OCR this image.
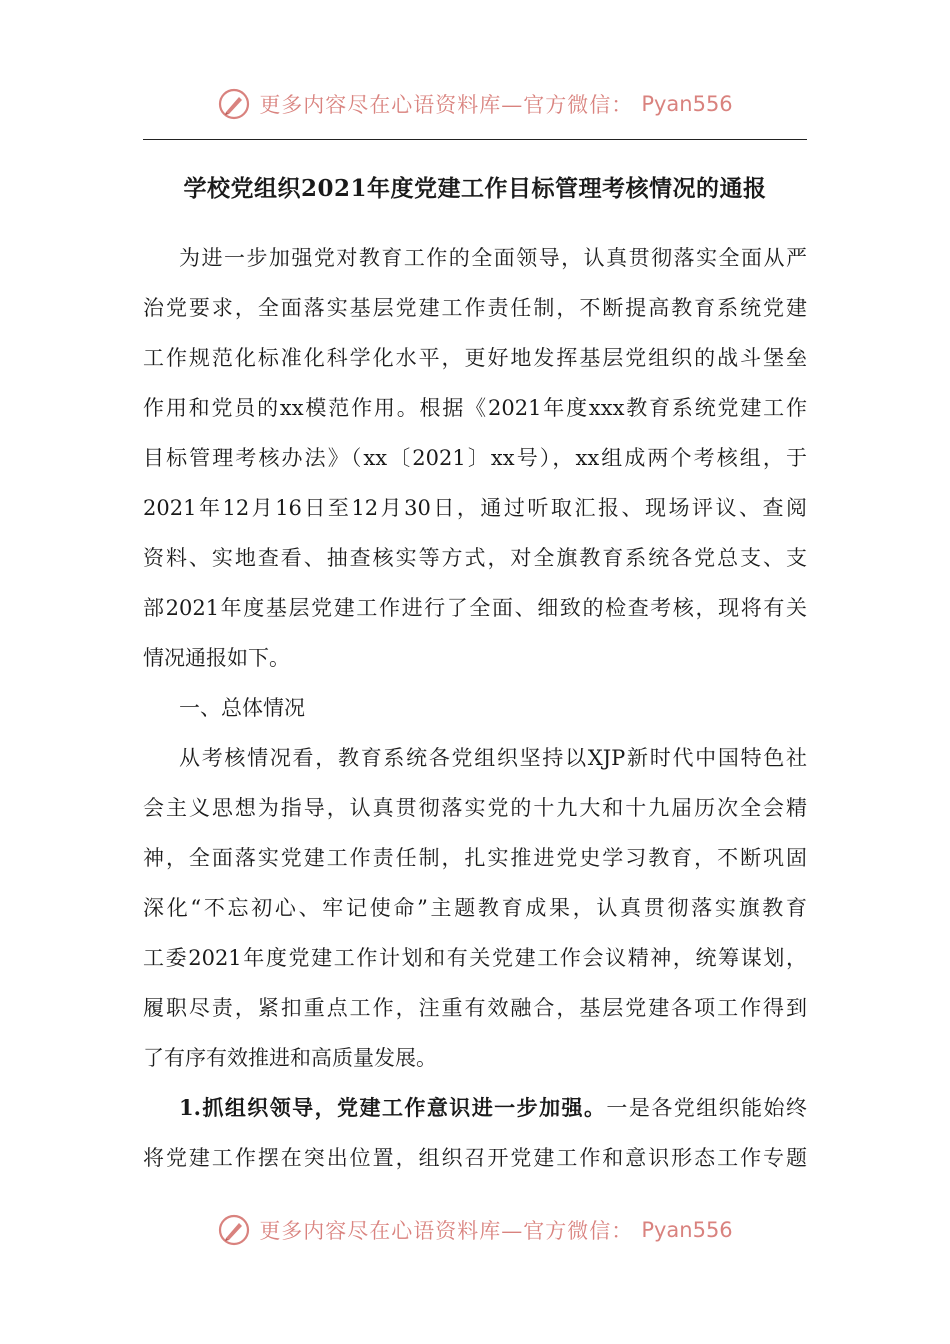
更多内容尽在心语资料库—官方微信： Pyan556
学校党组织2021年度党建工作目标管理考核情况的通报
为进一步加强党对教育工作的全面领导，认真贯彻落实全面从严
治党要求，全面落实基层党建工作责任制，不断提高教育系统党建
工作规范化标准化科学化水平，更好地发挥基层党组织的战斗堡垒
作用和党员的xx模范作用。根据《2021年度xxx教育系统党建工作
目标管理考核办法》（xx〔2021〕xx号），xx组成两个考核组，于
2021年12月16日至12月30日，通过听取汇报、现场评议、查阅
资料、实地查看、抽查核实等方式，对全旗教育系统各党总支、支
部2021年度基层党建工作进行了全面、细致的检查考核，现将有关
情况通报如下。
一、总体情况
从考核情况看，教育系统各党组织坚持以XJP新时代中国特色社
会主义思想为指导，认真贯彻落实党的十九大和十九届历次全会精
神，全面落实党建工作责任制，扎实推进党史学习教育，不断巩固
深化“不忘初心、牢记使命”主题教育成果，认真贯彻落实旗教育
工委2021年度党建工作计划和有关党建工作会议精神，统筹谋划，
履职尽责，紧扣重点工作，注重有效融合，基层党建各项工作得到
了有序有效推进和高质量发展。
1.抓组织领导，党建工作意识进一步加强。一是各党组织能始终
将党建工作摆在突出位置，组织召开党建工作和意识形态工作专题
更多内容尽在心语资料库—官方微信： Pyan556
